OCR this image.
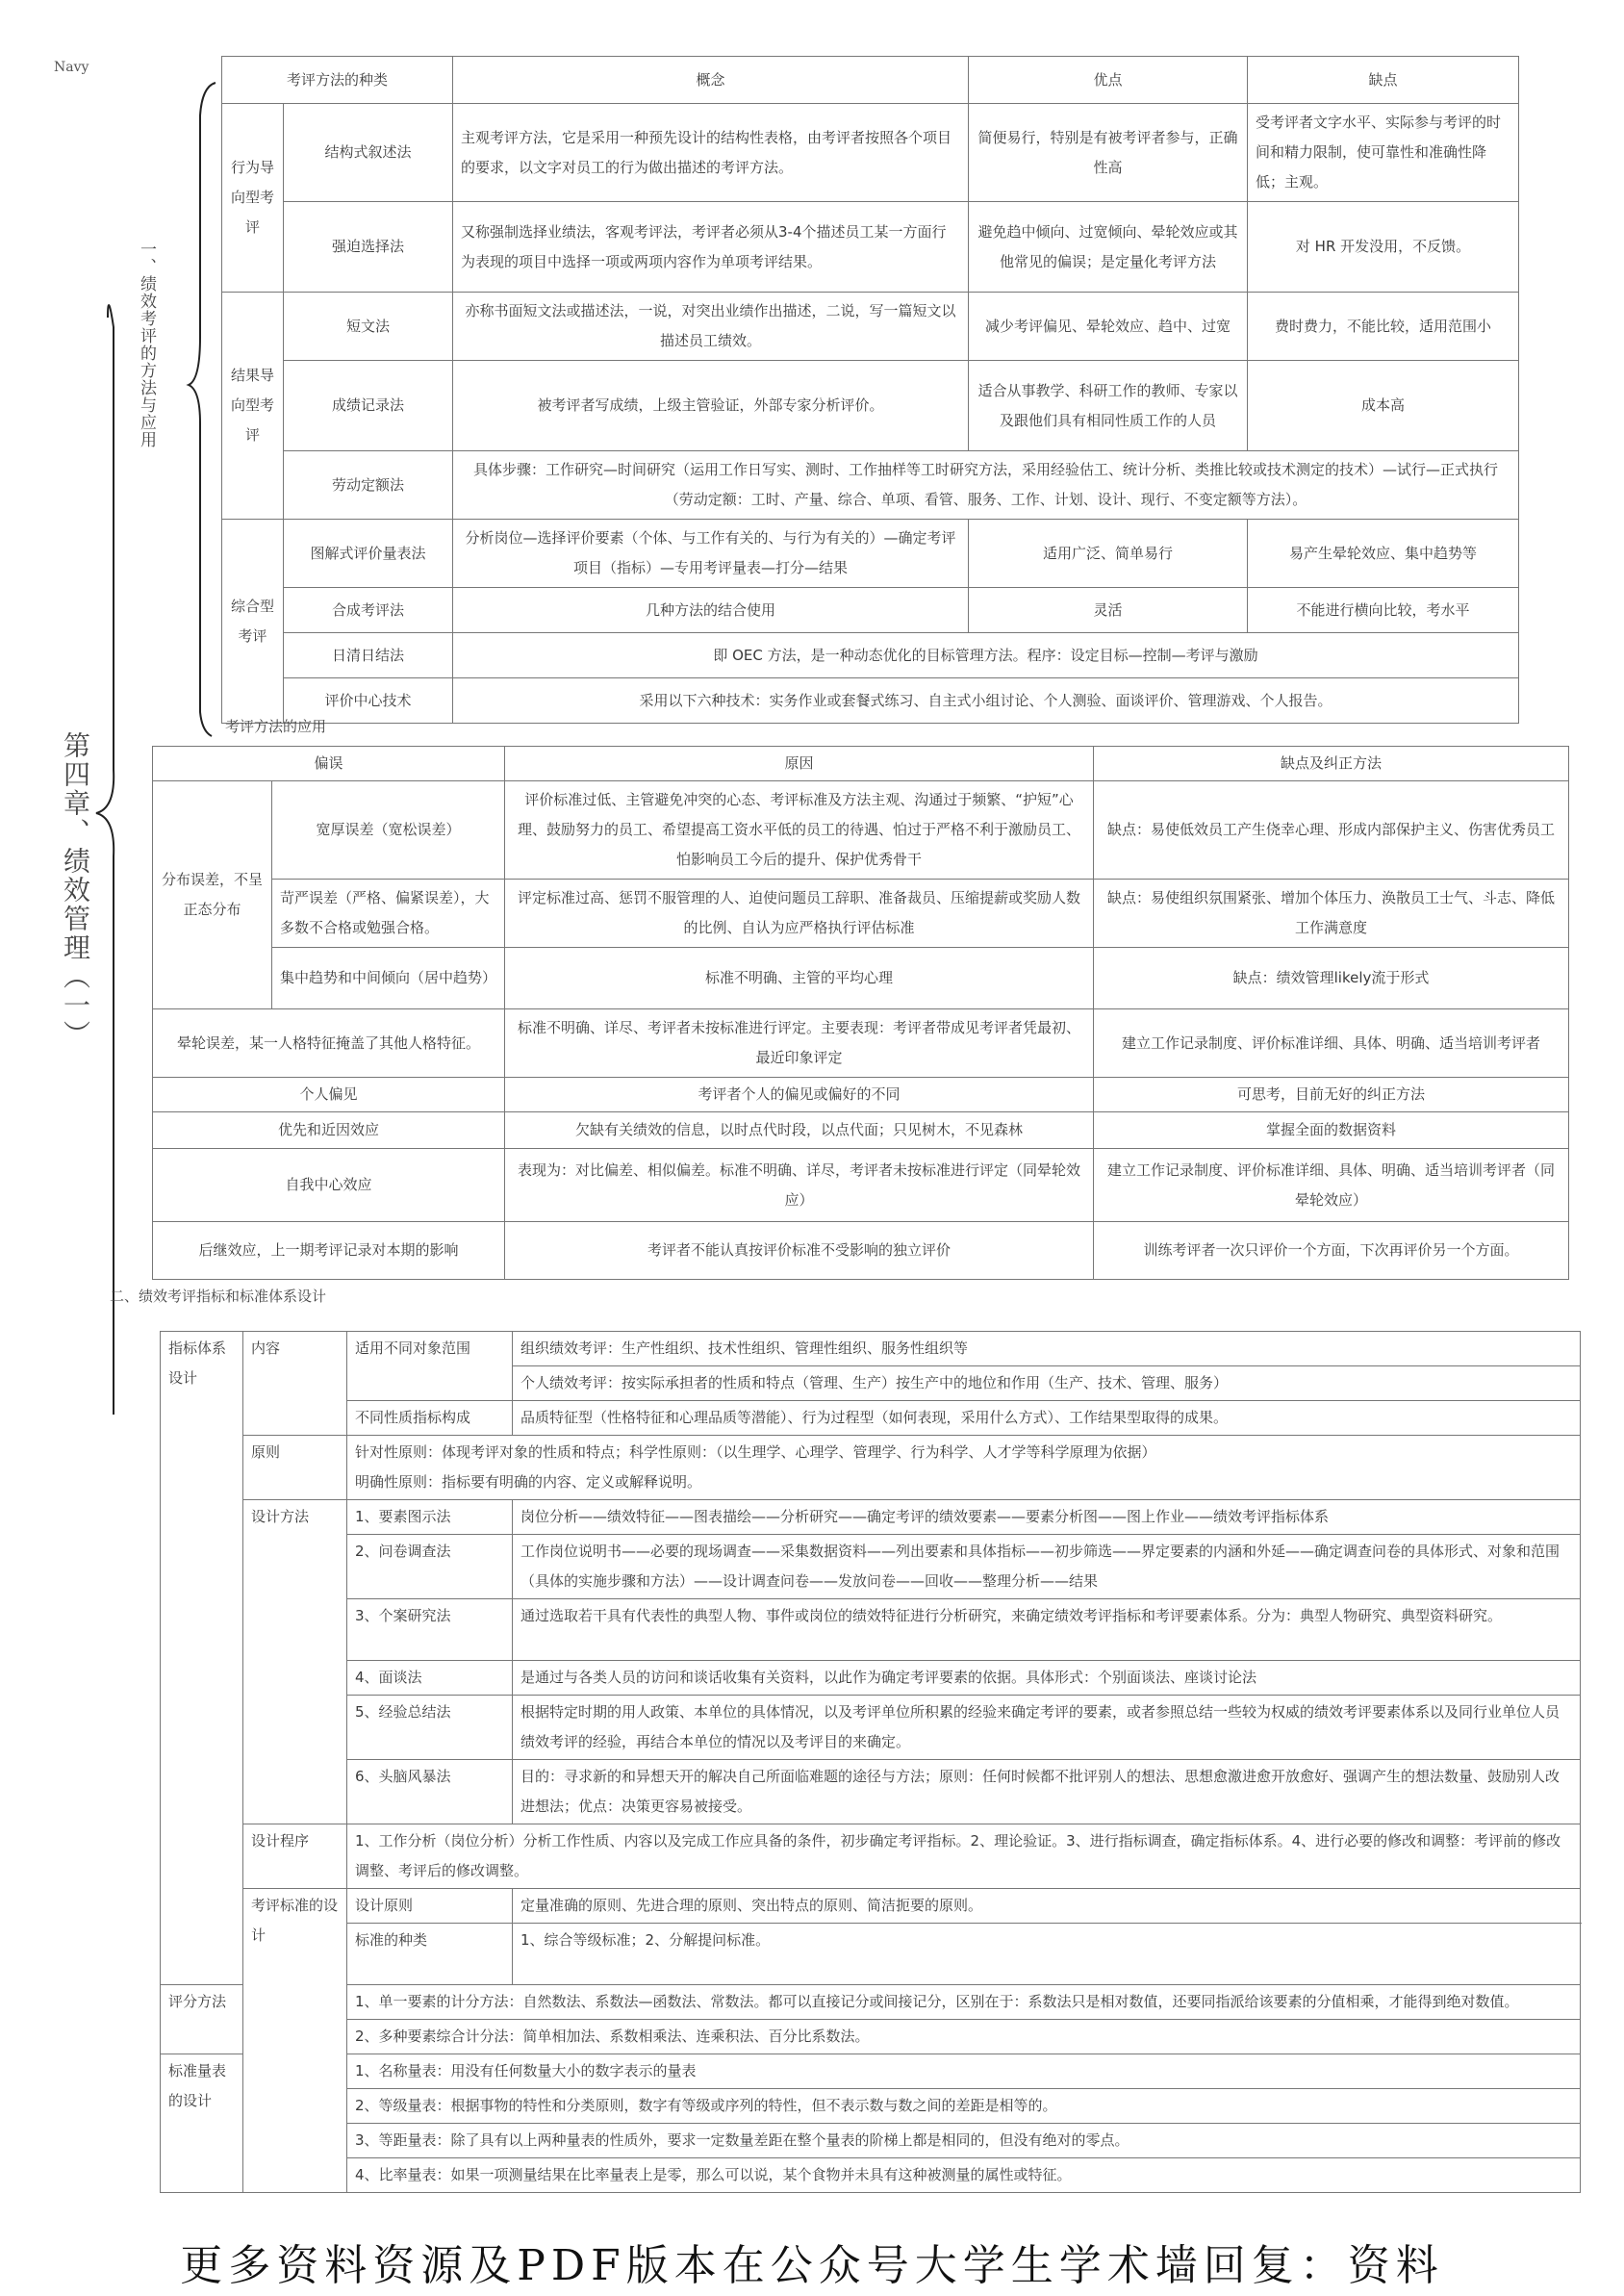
Navy
第四章、绩效管理（一）
一、绩效考评的方法与应用
考评方法的种类		概念	优点	缺点
行为导向型考评	结构式叙述法	主观考评方法，它是采用一种预先设计的结构性表格，由考评者按照各个项目的要求，以文字对员工的行为做出描述的考评方法。	简便易行，特别是有被考评者参与，正确性高	受考评者文字水平、实际参与考评的时间和精力限制，使可靠性和准确性降低；主观。
	强迫选择法	又称强制选择业绩法，客观考评法，考评者必须从3-4个描述员工某一方面行为表现的项目中选择一项或两项内容作为单项考评结果。	避免趋中倾向、过宽倾向、晕轮效应或其他常见的偏误；是定量化考评方法	对 HR 开发没用，不反馈。
结果导向型考评	短文法	亦称书面短文法或描述法，一说，对突出业绩作出描述，二说，写一篇短文以描述员工绩效。	减少考评偏见、晕轮效应、趋中、过宽	费时费力，不能比较，适用范围小
	成绩记录法	被考评者写成绩，上级主管验证，外部专家分析评价。	适合从事教学、科研工作的教师、专家以及跟他们具有相同性质工作的人员	成本高
	劳动定额法	具体步骤：工作研究—时间研究（运用工作日写实、测时、工作抽样等工时研究方法，采用经验估工、统计分析、类推比较或技术测定的技术）—试行—正式执行（劳动定额：工时、产量、综合、单项、看管、服务、工作、计划、设计、现行、不变定额等方法）。		
综合型考评	图解式评价量表法	分析岗位—选择评价要素（个体、与工作有关的、与行为有关的）—确定考评项目（指标）—专用考评量表—打分—结果	适用广泛、简单易行	易产生晕轮效应、集中趋势等
	合成考评法	几种方法的结合使用	灵活	不能进行横向比较，考水平
	日清日结法	即 OEC 方法，是一种动态优化的目标管理方法。程序：设定目标—控制—考评与激励		
	评价中心技术	采用以下六种技术：实务作业或套餐式练习、自主式小组讨论、个人测验、面谈评价、管理游戏、个人报告。		
考评方法的应用
偏误		原因	缺点及纠正方法
分布误差，不呈正态分布	宽厚误差（宽松误差）	评价标准过低、主管避免冲突的心态、考评标准及方法主观、沟通过于频繁、“护短”心理、鼓励努力的员工、希望提高工资水平低的员工的待遇、怕过于严格不利于激励员工、怕影响员工今后的提升、保护优秀骨干	缺点：易使低效员工产生侥幸心理、形成内部保护主义、伤害优秀员工
	苛严误差（严格、偏紧误差），大多数不合格或勉强合格。	评定标准过高、惩罚不服管理的人、迫使问题员工辞职、准备裁员、压缩提薪或奖励人数的比例、自认为应严格执行评估标准	缺点：易使组织氛围紧张、增加个体压力、涣散员工士气、斗志、降低工作满意度
	集中趋势和中间倾向（居中趋势）	标准不明确、主管的平均心理	缺点：绩效管理likely流于形式
晕轮误差，某一人格特征掩盖了其他人格特征。		标准不明确、详尽、考评者未按标准进行评定。主要表现：考评者带成见考评者凭最初、最近印象评定	建立工作记录制度、评价标准详细、具体、明确、适当培训考评者
个人偏见		考评者个人的偏见或偏好的不同	可思考，目前无好的纠正方法
优先和近因效应		欠缺有关绩效的信息，以时点代时段，以点代面；只见树木，不见森林	掌握全面的数据资料
自我中心效应		表现为：对比偏差、相似偏差。标准不明确、详尽，考评者未按标准进行评定（同晕轮效应）	建立工作记录制度、评价标准详细、具体、明确、适当培训考评者（同晕轮效应）
后继效应，上一期考评记录对本期的影响		考评者不能认真按评价标准不受影响的独立评价	训练考评者一次只评价一个方面，下次再评价另一个方面。
二、绩效考评指标和标准体系设计
指标体系设计	内容	适用不同对象范围	组织绩效考评：生产性组织、技术性组织、管理性组织、服务性组织等
			个人绩效考评：按实际承担者的性质和特点（管理、生产）按生产中的地位和作用（生产、技术、管理、服务）
		不同性质指标构成	品质特征型（性格特征和心理品质等潜能）、行为过程型（如何表现，采用什么方式）、工作结果型取得的成果。
	原则	针对性原则：体现考评对象的性质和特点；科学性原则：（以生理学、心理学、管理学、行为科学、人才学等科学原理为依据）
明确性原则：指标要有明确的内容、定义或解释说明。	

	设计方法	1、要素图示法	岗位分析——绩效特征——图表描绘——分析研究——确定考评的绩效要素——要素分析图——图上作业——绩效考评指标体系
		2、问卷调查法	工作岗位说明书——必要的现场调查——采集数据资料——列出要素和具体指标——初步筛选——界定要素的内涵和外延——确定调查问卷的具体形式、对象和范围（具体的实施步骤和方法）——设计调查问卷——发放问卷——回收——整理分析——结果
		3、个案研究法	通过选取若干具有代表性的典型人物、事件或岗位的绩效特征进行分析研究，来确定绩效考评指标和考评要素体系。分为：典型人物研究、典型资料研究。
		4、面谈法	是通过与各类人员的访问和谈话收集有关资料，以此作为确定考评要素的依据。具体形式：个别面谈法、座谈讨论法
		5、经验总结法	根据特定时期的用人政策、本单位的具体情况，以及考评单位所积累的经验来确定考评的要素，或者参照总结一些较为权威的绩效考评要素体系以及同行业单位人员绩效考评的经验，再结合本单位的情况以及考评目的来确定。
		6、头脑风暴法	目的：寻求新的和异想天开的解决自己所面临难题的途径与方法；原则：任何时候都不批评别人的想法、思想愈激进愈开放愈好、强调产生的想法数量、鼓励别人改进想法；优点：决策更容易被接受。
	设计程序	1、工作分析（岗位分析）分析工作性质、内容以及完成工作应具备的条件，初步确定考评指标。2、理论验证。3、进行指标调查，确定指标体系。4、进行必要的修改和调整：考评前的修改调整、考评后的修改调整。	
	考评标准的设计	设计原则	定量准确的原则、先进合理的原则、突出特点的原则、简洁扼要的原则。
		标准的种类	1、综合等级标准；2、分解提问标准。
评分方法		1、单一要素的计分方法：自然数法、系数法—函数法、常数法。都可以直接记分或间接记分，区别在于：系数法只是相对数值，还要同指派给该要素的分值相乘，才能得到绝对数值。	
		2、多种要素综合计分法：简单相加法、系数相乘法、连乘积法、百分比系数法。	
标准量表的设计		1、名称量表：用没有任何数量大小的数字表示的量表	
		2、等级量表：根据事物的特性和分类原则，数字有等级或序列的特性，但不表示数与数之间的差距是相等的。	
		3、等距量表：除了具有以上两种量表的性质外，要求一定数量差距在整个量表的阶梯上都是相同的，但没有绝对的零点。	
		4、比率量表：如果一项测量结果在比率量表上是零，那么可以说，某个食物并未具有这种被测量的属性或特征。	
更多资料资源及PDF版本在公众号大学生学术墙回复：资料
